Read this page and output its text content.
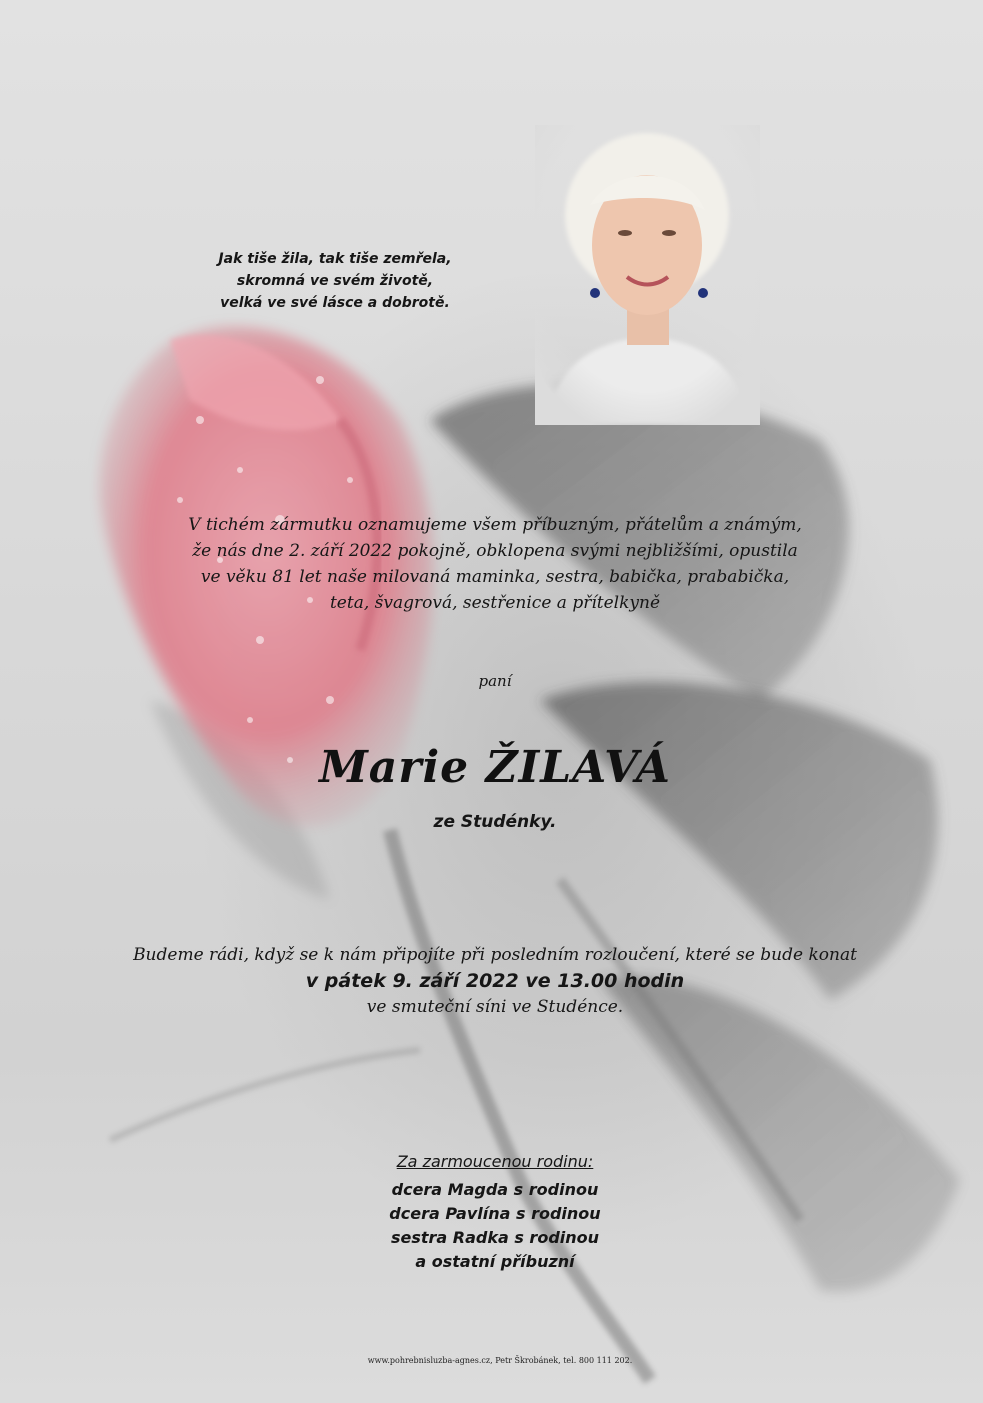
Jak tiše žila, tak tiše zemřela,
skromná ve svém životě,
velká ve své lásce a dobrotě.
V tichém zármutku oznamujeme všem příbuzným, přátelům a známým,
že nás dne 2. září 2022 pokojně, obklopena svými nejbližšími, opustila
ve věku 81 let naše milovaná maminka, sestra, babička, prababička,
teta, švagrová, sestřenice a přítelkyně
paní
Marie ŽILAVÁ
ze Studénky.
Budeme rádi, když se k nám připojíte při posledním rozloučení, které se bude konat
v pátek 9. září 2022 ve 13.00 hodin
ve smuteční síni ve Studénce.
Za zarmoucenou rodinu:
dcera Magda s rodinou
dcera Pavlína s rodinou
sestra Radka s rodinou
a ostatní příbuzní
www.pohrebnisluzba-agnes.cz, Petr Škrobánek, tel. 800 111 202.
